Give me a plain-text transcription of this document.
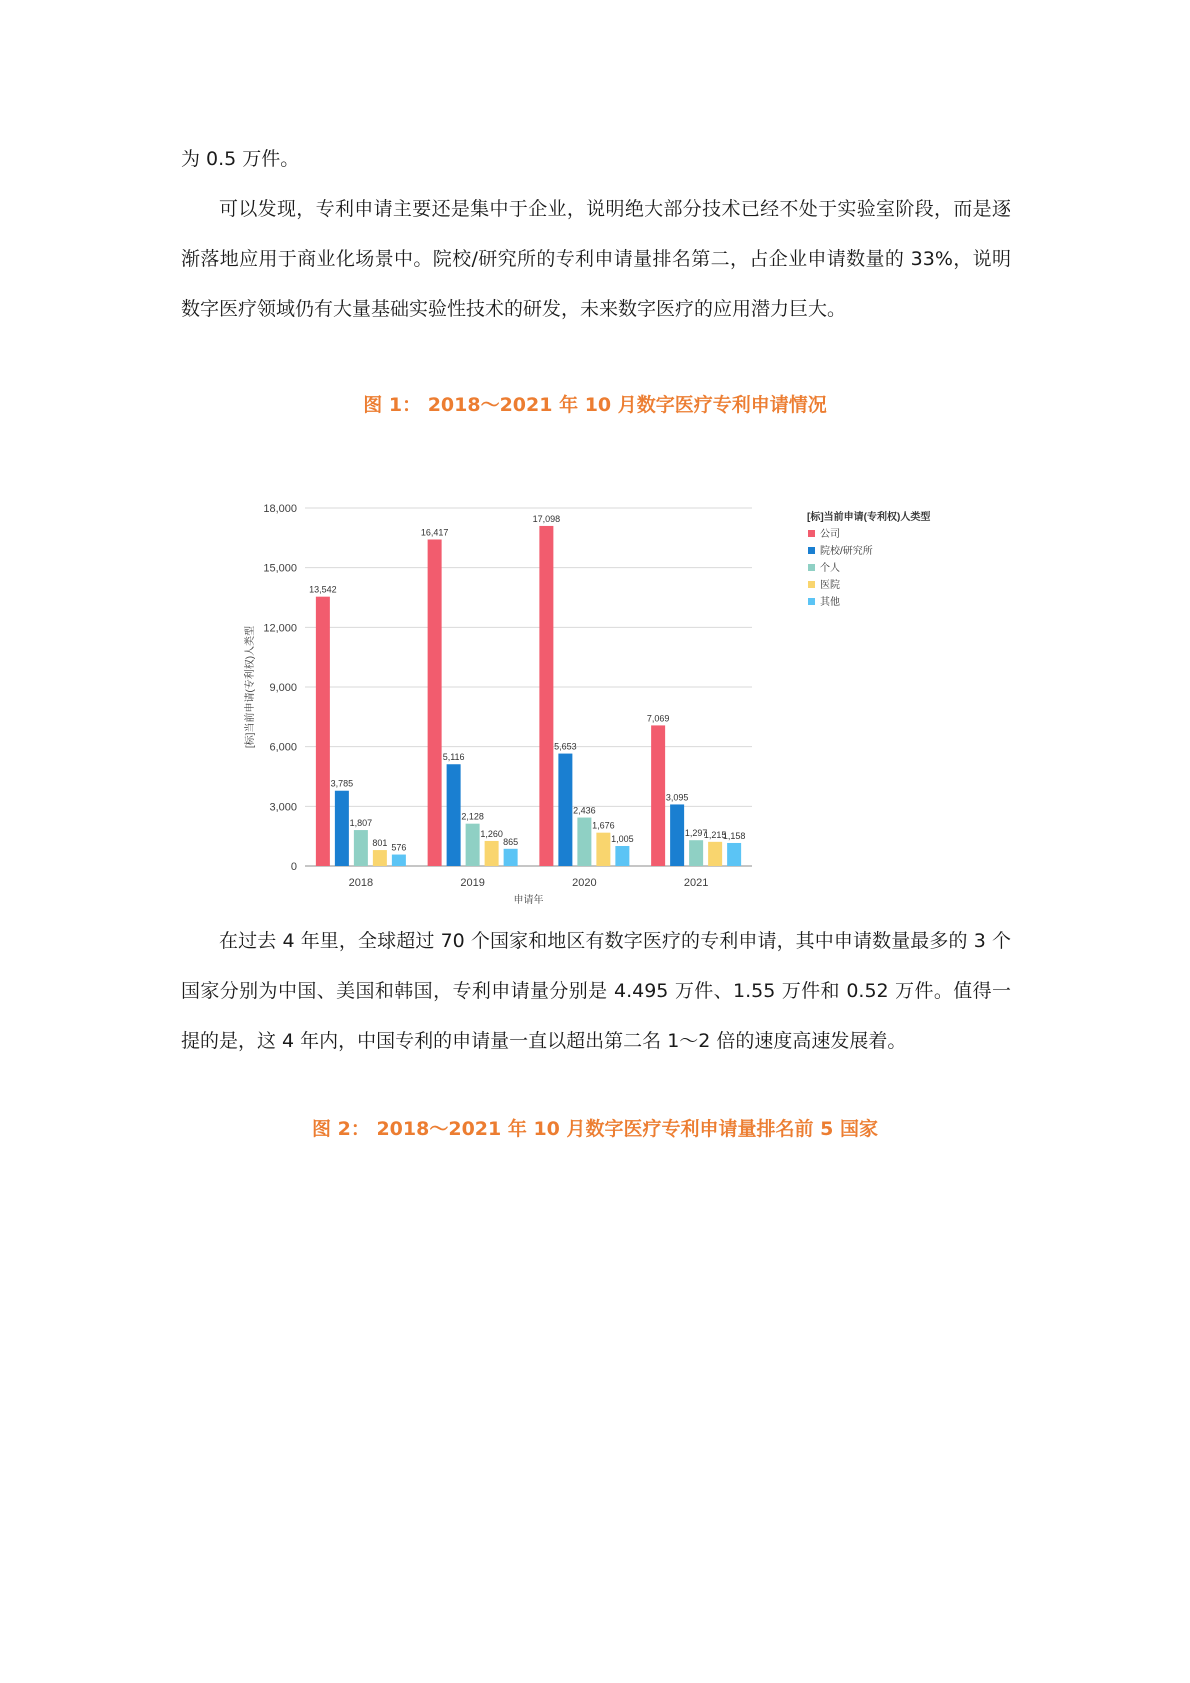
为 0.5 万件。

可以发现，专利申请主要还是集中于企业，说明绝大部分技术已经不处于实验室阶段，而是逐渐落地应用于商业化场景中。院校/研究所的专利申请量排名第二，占企业申请数量的 33%，说明数字医疗领域仍有大量基础实验性技术的研发，未来数字医疗的应用潜力巨大。

图 1： 2018～2021 年 10 月数字医疗专利申请情况

0
3,000
6,000
9,000
12,000
15,000
18,000
13,542
3,785
1,807
801 576
2018
16,417
5,116
2,128
1,260
865
2019
17,098
5,653
2,436
1,676
1,005
2020
7,069
3,095
1,297
1,215
1,158
2021
申请年
[标]当前申请(专利权)人类型
[标]当前申请(专利权)人类型
公司
院校/研究所
个人
医院
其他

在过去 4 年里，全球超过 70 个国家和地区有数字医疗的专利申请，其中申请数量最多的 3 个国家分别为中国、美国和韩国，专利申请量分别是 4.495 万件、1.55 万件和 0.52 万件。值得一提的是，这 4 年内，中国专利的申请量一直以超出第二名 1～2 倍的速度高速发展着。

图 2： 2018～2021 年 10 月数字医疗专利申请量排名前 5 国家
